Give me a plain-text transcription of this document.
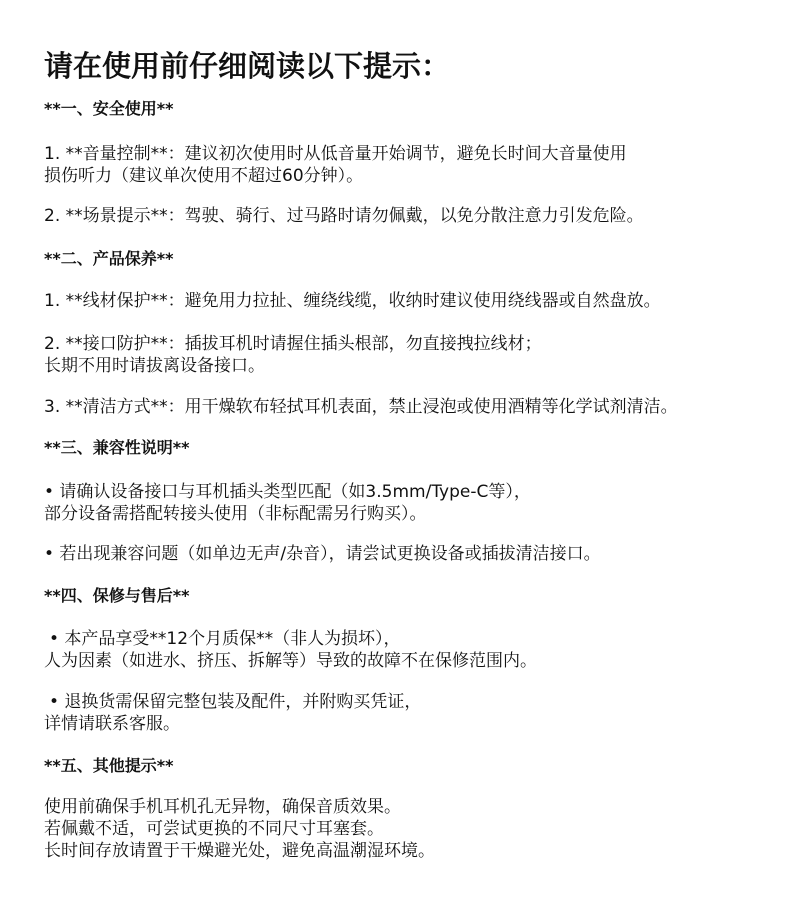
请在使用前仔细阅读以下提示：
**一、安全使用**
1. **音量控制**：建议初次使用时从低音量开始调节，避免长时间大音量使用
损伤听力（建议单次使用不超过60分钟）。
2. **场景提示**：驾驶、骑行、过马路时请勿佩戴，以免分散注意力引发危险。
**二、产品保养**
1. **线材保护**：避免用力拉扯、缠绕线缆，收纳时建议使用绕线器或自然盘放。
2. **接口防护**：插拔耳机时请握住插头根部，勿直接拽拉线材；
长期不用时请拔离设备接口。
3. **清洁方式**：用干燥软布轻拭耳机表面，禁止浸泡或使用酒精等化学试剂清洁。
**三、兼容性说明**
• 请确认设备接口与耳机插头类型匹配（如3.5mm/Type-C等），
部分设备需搭配转接头使用（非标配需另行购买）。
• 若出现兼容问题（如单边无声/杂音），请尝试更换设备或插拔清洁接口。
**四、保修与售后**
• 本产品享受**12个月质保**（非人为损坏），
人为因素（如进水、挤压、拆解等）导致的故障不在保修范围内。
• 退换货需保留完整包装及配件，并附购买凭证，
详情请联系客服。
**五、其他提示**
使用前确保手机耳机孔无异物，确保音质效果。
若佩戴不适，可尝试更换的不同尺寸耳塞套。
长时间存放请置于干燥避光处，避免高温潮湿环境。
